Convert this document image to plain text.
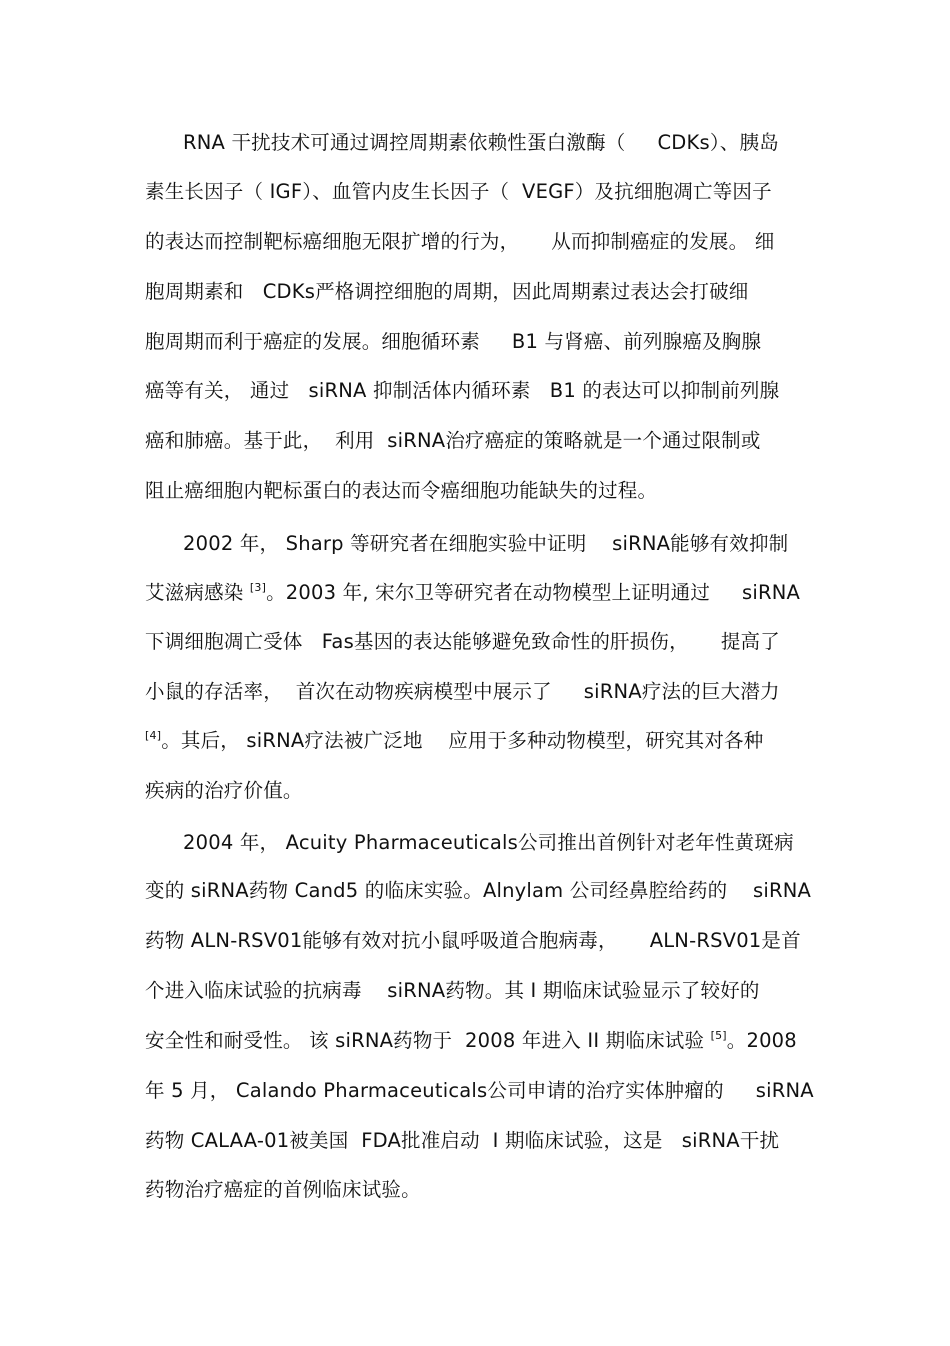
RNA 干扰技术可通过调控周期素依赖性蛋白激酶（     CDKs）、胰岛
素生长因子（ IGF）、血管内皮生长因子（  VEGF）及抗细胞凋亡等因子
的表达而控制靶标癌细胞无限扩增的行为，     从而抑制癌症的发展。 细
胞周期素和   CDKs严格调控细胞的周期，因此周期素过表达会打破细
胞周期而利于癌症的发展。细胞循环素     B1 与肾癌、前列腺癌及胸腺
癌等有关， 通过   siRNA 抑制活体内循环素   B1 的表达可以抑制前列腺
癌和肺癌。基于此，  利用  siRNA治疗癌症的策略就是一个通过限制或
阻止癌细胞内靶标蛋白的表达而令癌细胞功能缺失的过程。
2002 年， Sharp 等研究者在细胞实验中证明    siRNA能够有效抑制
艾滋病感染 [3]。2003 年, 宋尔卫等研究者在动物模型上证明通过     siRNA
下调细胞凋亡受体   Fas基因的表达能够避免致命性的肝损伤，     提高了
小鼠的存活率，  首次在动物疾病模型中展示了     siRNA疗法的巨大潜力
[4]。其后， siRNA疗法被广泛地    应用于多种动物模型，研究其对各种
疾病的治疗价值。
2004 年， Acuity Pharmaceuticals公司推出首例针对老年性黄斑病
变的 siRNA药物 Cand5 的临床实验。Alnylam 公司经鼻腔给药的    siRNA
药物 ALN-RSV01能够有效对抗小鼠呼吸道合胞病毒，     ALN-RSV01是首
个进入临床试验的抗病毒    siRNA药物。其 I 期临床试验显示了较好的
安全性和耐受性。 该 siRNA药物于  2008 年进入 II 期临床试验 [5]。2008
年 5 月， Calando Pharmaceuticals公司申请的治疗实体肿瘤的     siRNA
药物 CALAA-01被美国  FDA批准启动  I 期临床试验，这是   siRNA干扰
药物治疗癌症的首例临床试验。
